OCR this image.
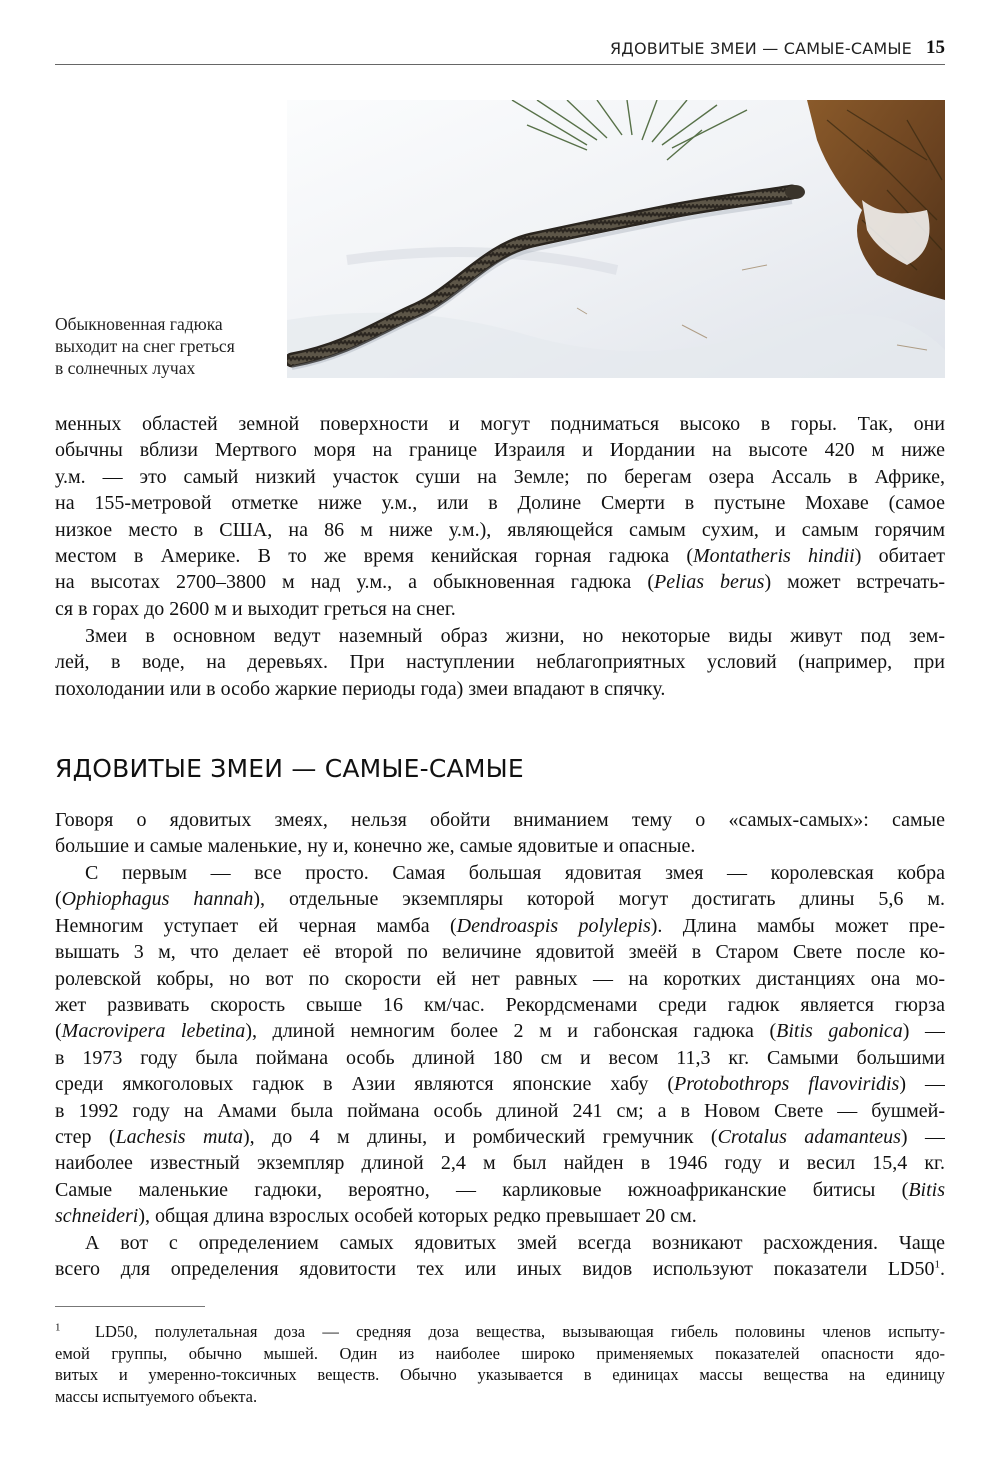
ЯДОВИТЫЕ ЗМЕИ — САМЫЕ-САМЫЕ 15
Обыкновенная гадюка
выходит на снег греться
в солнечных лучах
менных областей земной поверхности и могут подниматься высоко в горы. Так, они
обычны вблизи Мертвого моря на границе Израиля и Иордании на высоте 420 м ниже
у.м. — это самый низкий участок суши на Земле; по берегам озера Ассаль в Африке,
на 155-метровой отметке ниже у.м., или в Долине Смерти в пустыне Мохаве (самое
низкое место в США, на 86 м ниже у.м.), являющейся самым сухим, и самым горячим
местом в Америке. В то же время кенийская горная гадюка (Montatheris hindii) обитает
на высотах 2700–3800 м над у.м., а обыкновенная гадюка (Pelias berus) может встречать-
ся в горах до 2600 м и выходит греться на снег.
Змеи в основном ведут наземный образ жизни, но некоторые виды живут под зем-
лей, в воде, на деревьях. При наступлении неблагоприятных условий (например, при
похолодании или в особо жаркие периоды года) змеи впадают в спячку.
ЯДОВИТЫЕ ЗМЕИ — САМЫЕ-САМЫЕ
Говоря о ядовитых змеях, нельзя обойти вниманием тему о «самых-самых»: самые
большие и самые маленькие, ну и, конечно же, самые ядовитые и опасные.
С первым — все просто. Самая большая ядовитая змея — королевская кобра
(Ophiophagus hannah), отдельные экземпляры которой могут достигать длины 5,6 м.
Немногим уступает ей черная мамба (Dendroaspis polylepis). Длина мамбы может пре-
вышать 3 м, что делает её второй по величине ядовитой змеёй в Старом Свете после ко-
ролевской кобры, но вот по скорости ей нет равных — на коротких дистанциях она мо-
жет развивать скорость свыше 16 км/час. Рекордсменами среди гадюк является гюрза
(Macrovipera lebetina), длиной немногим более 2 м и габонская гадюка (Bitis gabonica) —
в 1973 году была поймана особь длиной 180 см и весом 11,3 кг. Самыми большими
среди ямкоголовых гадюк в Азии являются японские хабу (Protobothrops flavoviridis) —
в 1992 году на Амами была поймана особь длиной 241 см; а в Новом Свете — бушмей-
стер (Lachesis muta), до 4 м длины, и ромбический гремучник (Crotalus adamanteus) —
наиболее известный экземпляр длиной 2,4 м был найден в 1946 году и весил 15,4 кг.
Самые маленькие гадюки, вероятно, — карликовые южноафриканские битисы (Bitis
schneideri), общая длина взрослых особей которых редко превышает 20 см.
А вот с определением самых ядовитых змей всегда возникают расхождения. Чаще
всего для определения ядовитости тех или иных видов используют показатели $LD50^1$.
$^1$  LD50, полулетальная доза — средняя доза вещества, вызывающая гибель половины членов испыту-
емой группы, обычно мышей. Один из наиболее широко применяемых показателей опасности ядо-
витых и умеренно-токсичных веществ. Обычно указывается в единицах массы вещества на единицу
массы испытуемого объекта.
